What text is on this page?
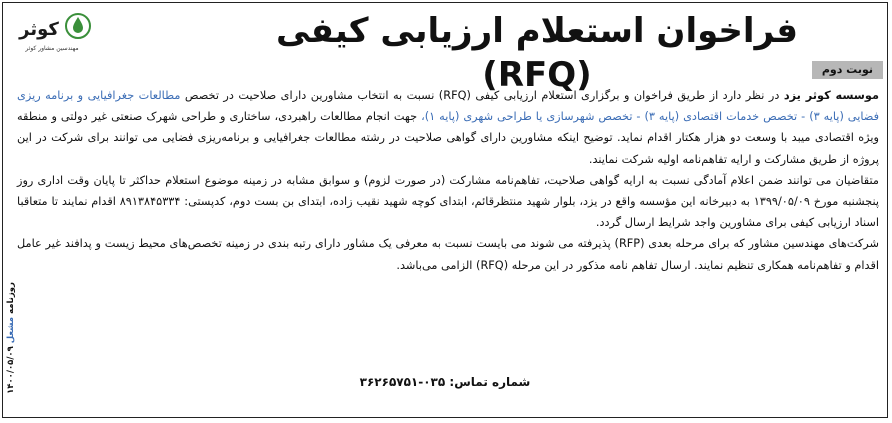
روزنامه مشعل ۱۴۰۰/۰۵/۰۹
کوثر
مهندسین مشاور کوثر	فراخوان استعلام ارزیابی کیفی (RFQ)	نوبت دوم

موسسه کوثر یزد در نظر دارد از طریق فراخوان و برگزاری استعلام ارزیابی کیفی (RFQ) نسبت به انتخاب مشاورین دارای صلاحیت در تخصص مطالعات جغرافیایی و برنامه ریزی فضایی (پایه ۳) - تخصص خدمات اقتصادی (پایه ۳) - تخصص شهرسازی یا طراحی شهری (پایه ۱)، جهت انجام مطالعات راهبردی، ساختاری و طراحی شهرک صنعتی غیر دولتی و منطقه ویژه اقتصادی میبد با وسعت دو هزار هکتار اقدام نماید. توضیح اینکه مشاورین دارای گواهی صلاحیت در رشته مطالعات جغرافیایی و برنامه‌ریزی فضایی می توانند برای شرکت در این پروژه از طریق مشارکت و ارایه تفاهم‌نامه اولیه شرکت نمایند.

متقاضیان می توانند ضمن اعلام آمادگی نسبت به ارایه گواهی صلاحیت، تفاهم‌نامه مشارکت (در صورت لزوم) و سوابق مشابه در زمینه موضوع استعلام حداکثر تا پایان وقت اداری روز پنجشنبه مورخ ۱۳۹۹/۰۵/۰۹ به دبیرخانه این مؤسسه واقع در یزد، بلوار شهید منتظرقائم، ابتدای کوچه شهید نقیب زاده، ابتدای بن بست دوم، کدپستی: ۸۹۱۳۸۴۵۳۳۴ اقدام نمایند تا متعاقبا اسناد ارزیابی کیفی برای مشاورین واجد شرایط ارسال گردد.

شرکت‌های مهندسین مشاور که برای مرحله بعدی (RFP) پذیرفته می شوند می بایست نسبت به معرفی یک مشاور دارای رتبه بندی در زمینه تخصص‌های محیط زیست و پدافند غیر عامل اقدام و تفاهم‌نامه همکاری تنظیم نمایند. ارسال تفاهم نامه مذکور در این مرحله (RFQ) الزامی می‌باشد.

شماره تماس: ۰۳۵-۳۶۲۶۵۷۵۱
